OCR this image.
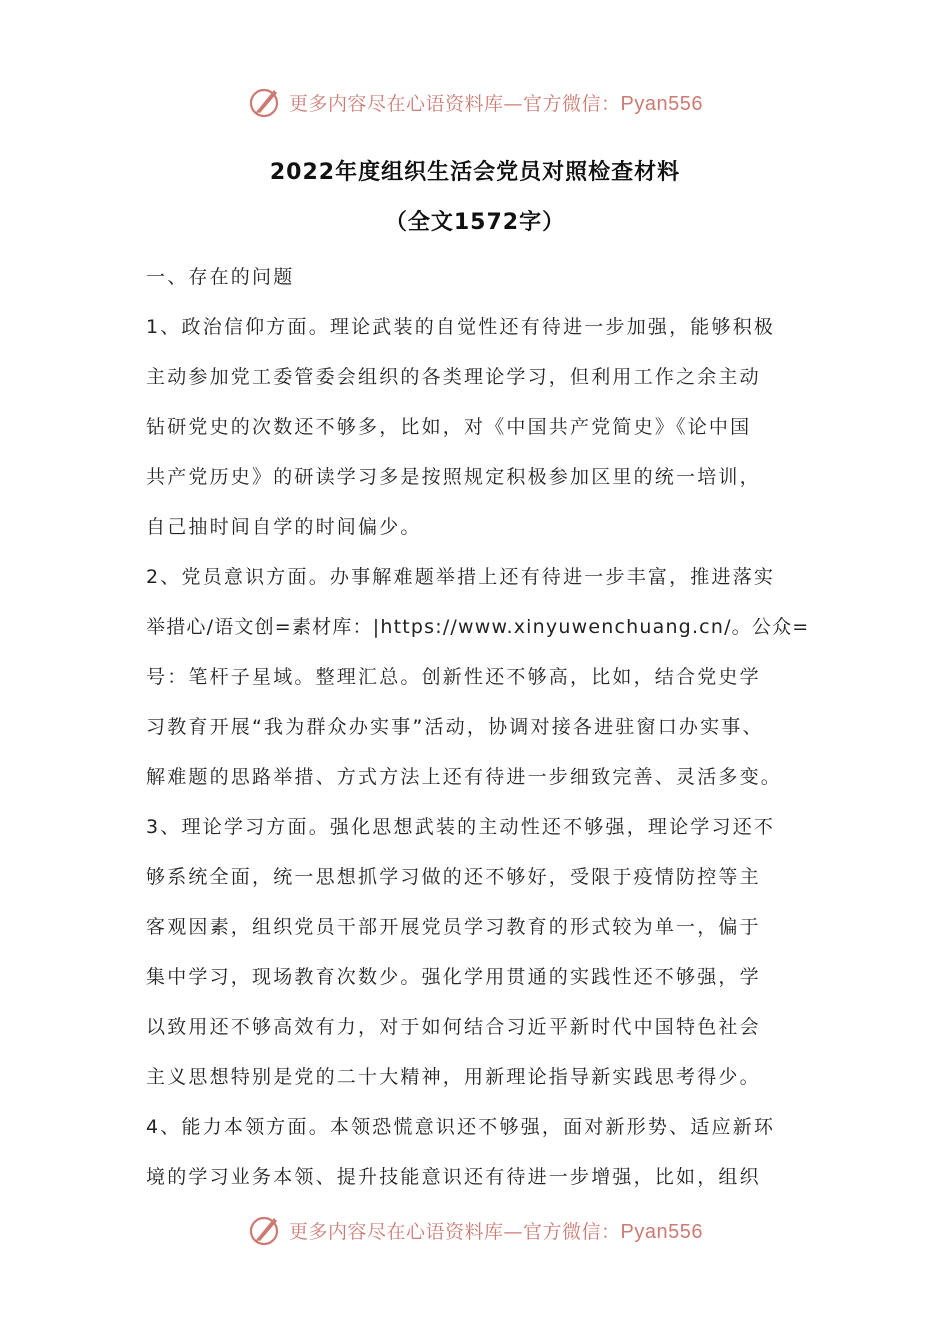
更多内容尽在心语资料库—官方微信：Pyan556
2022年度组织生活会党员对照检查材料
（全文1572字）
一、存在的问题
1、政治信仰方面。理论武装的自觉性还有待进一步加强，能够积极
主动参加党工委管委会组织的各类理论学习，但利用工作之余主动
钻研党史的次数还不够多，比如，对《中国共产党简史》《论中国
共产党历史》的研读学习多是按照规定积极参加区里的统一培训，
自己抽时间自学的时间偏少。
2、党员意识方面。办事解难题举措上还有待进一步丰富，推进落实
举措心/语文创=素材库：|https://www.xinyuwenchuang.cn/。公众=
号：笔杆子星域。整理汇总。创新性还不够高，比如，结合党史学
习教育开展“我为群众办实事”活动，协调对接各进驻窗口办实事、
解难题的思路举措、方式方法上还有待进一步细致完善、灵活多变。
3、理论学习方面。强化思想武装的主动性还不够强，理论学习还不
够系统全面，统一思想抓学习做的还不够好，受限于疫情防控等主
客观因素，组织党员干部开展党员学习教育的形式较为单一，偏于
集中学习，现场教育次数少。强化学用贯通的实践性还不够强，学
以致用还不够高效有力，对于如何结合习近平新时代中国特色社会
主义思想特别是党的二十大精神，用新理论指导新实践思考得少。
4、能力本领方面。本领恐慌意识还不够强，面对新形势、适应新环
境的学习业务本领、提升技能意识还有待进一步增强，比如，组织
更多内容尽在心语资料库—官方微信：Pyan556
